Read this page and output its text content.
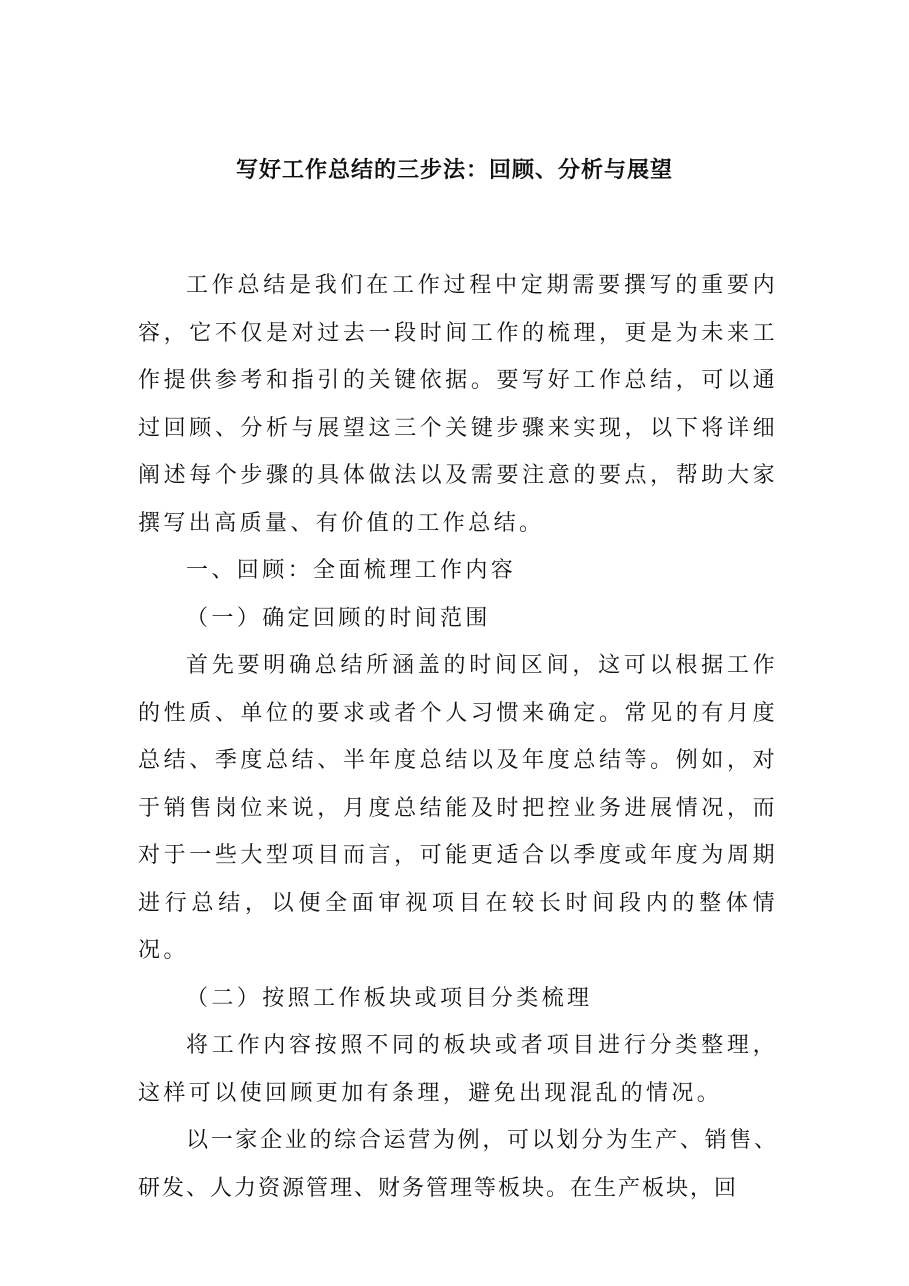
写好工作总结的三步法：回顾、分析与展望

工作总结是我们在工作过程中定期需要撰写的重要内容，它不仅是对过去一段时间工作的梳理，更是为未来工作提供参考和指引的关键依据。要写好工作总结，可以通过回顾、分析与展望这三个关键步骤来实现，以下将详细阐述每个步骤的具体做法以及需要注意的要点，帮助大家撰写出高质量、有价值的工作总结。

一、回顾：全面梳理工作内容

（一）确定回顾的时间范围

首先要明确总结所涵盖的时间区间，这可以根据工作的性质、单位的要求或者个人习惯来确定。常见的有月度总结、季度总结、半年度总结以及年度总结等。例如，对于销售岗位来说，月度总结能及时把控业务进展情况，而对于一些大型项目而言，可能更适合以季度或年度为周期进行总结，以便全面审视项目在较长时间段内的整体情况。

（二）按照工作板块或项目分类梳理

将工作内容按照不同的板块或者项目进行分类整理，这样可以使回顾更加有条理，避免出现混乱的情况。

以一家企业的综合运营为例，可以划分为生产、销售、研发、人力资源管理、财务管理等板块。在生产板块，回
